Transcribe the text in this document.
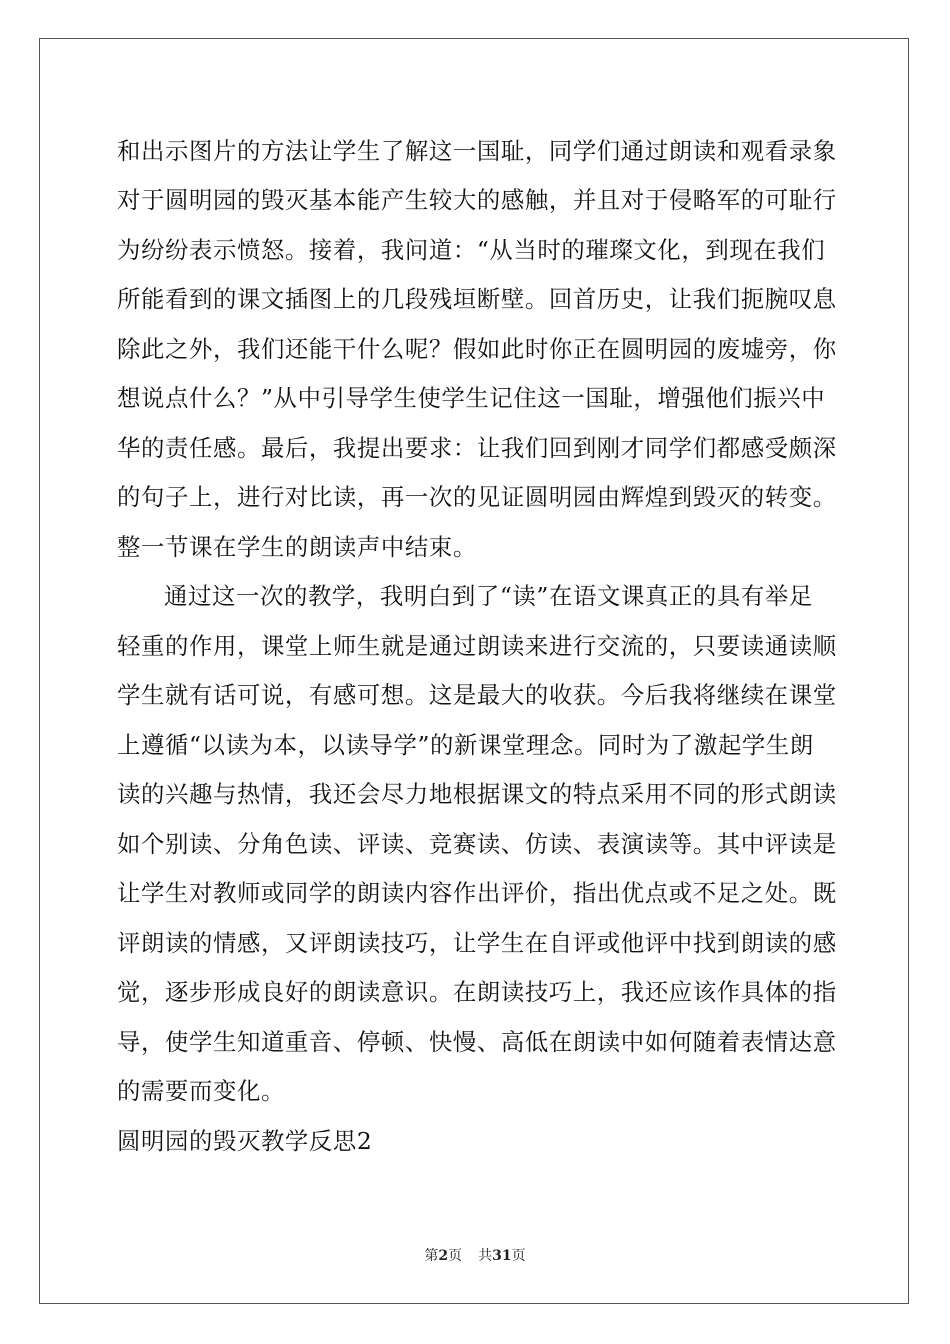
和出示图片的方法让学生了解这一国耻，同学们通过朗读和观看录象
对于圆明园的毁灭基本能产生较大的感触，并且对于侵略军的可耻行
为纷纷表示愤怒。接着，我问道：“从当时的璀璨文化，到现在我们
所能看到的课文插图上的几段残垣断壁。回首历史，让我们扼腕叹息
除此之外，我们还能干什么呢？假如此时你正在圆明园的废墟旁，你
想说点什么？”从中引导学生使学生记住这一国耻，增强他们振兴中
华的责任感。最后，我提出要求：让我们回到刚才同学们都感受颇深
的句子上，进行对比读，再一次的见证圆明园由辉煌到毁灭的转变。
整一节课在学生的朗读声中结束。
通过这一次的教学，我明白到了“读”在语文课真正的具有举足
轻重的作用，课堂上师生就是通过朗读来进行交流的，只要读通读顺
学生就有话可说，有感可想。这是最大的收获。今后我将继续在课堂
上遵循“以读为本，以读导学”的新课堂理念。同时为了激起学生朗
读的兴趣与热情，我还会尽力地根据课文的特点采用不同的形式朗读
如个别读、分角色读、评读、竞赛读、仿读、表演读等。其中评读是
让学生对教师或同学的朗读内容作出评价，指出优点或不足之处。既
评朗读的情感，又评朗读技巧，让学生在自评或他评中找到朗读的感
觉，逐步形成良好的朗读意识。在朗读技巧上，我还应该作具体的指
导，使学生知道重音、停顿、快慢、高低在朗读中如何随着表情达意
的需要而变化。
圆明园的毁灭教学反思2
第2页 共31页
